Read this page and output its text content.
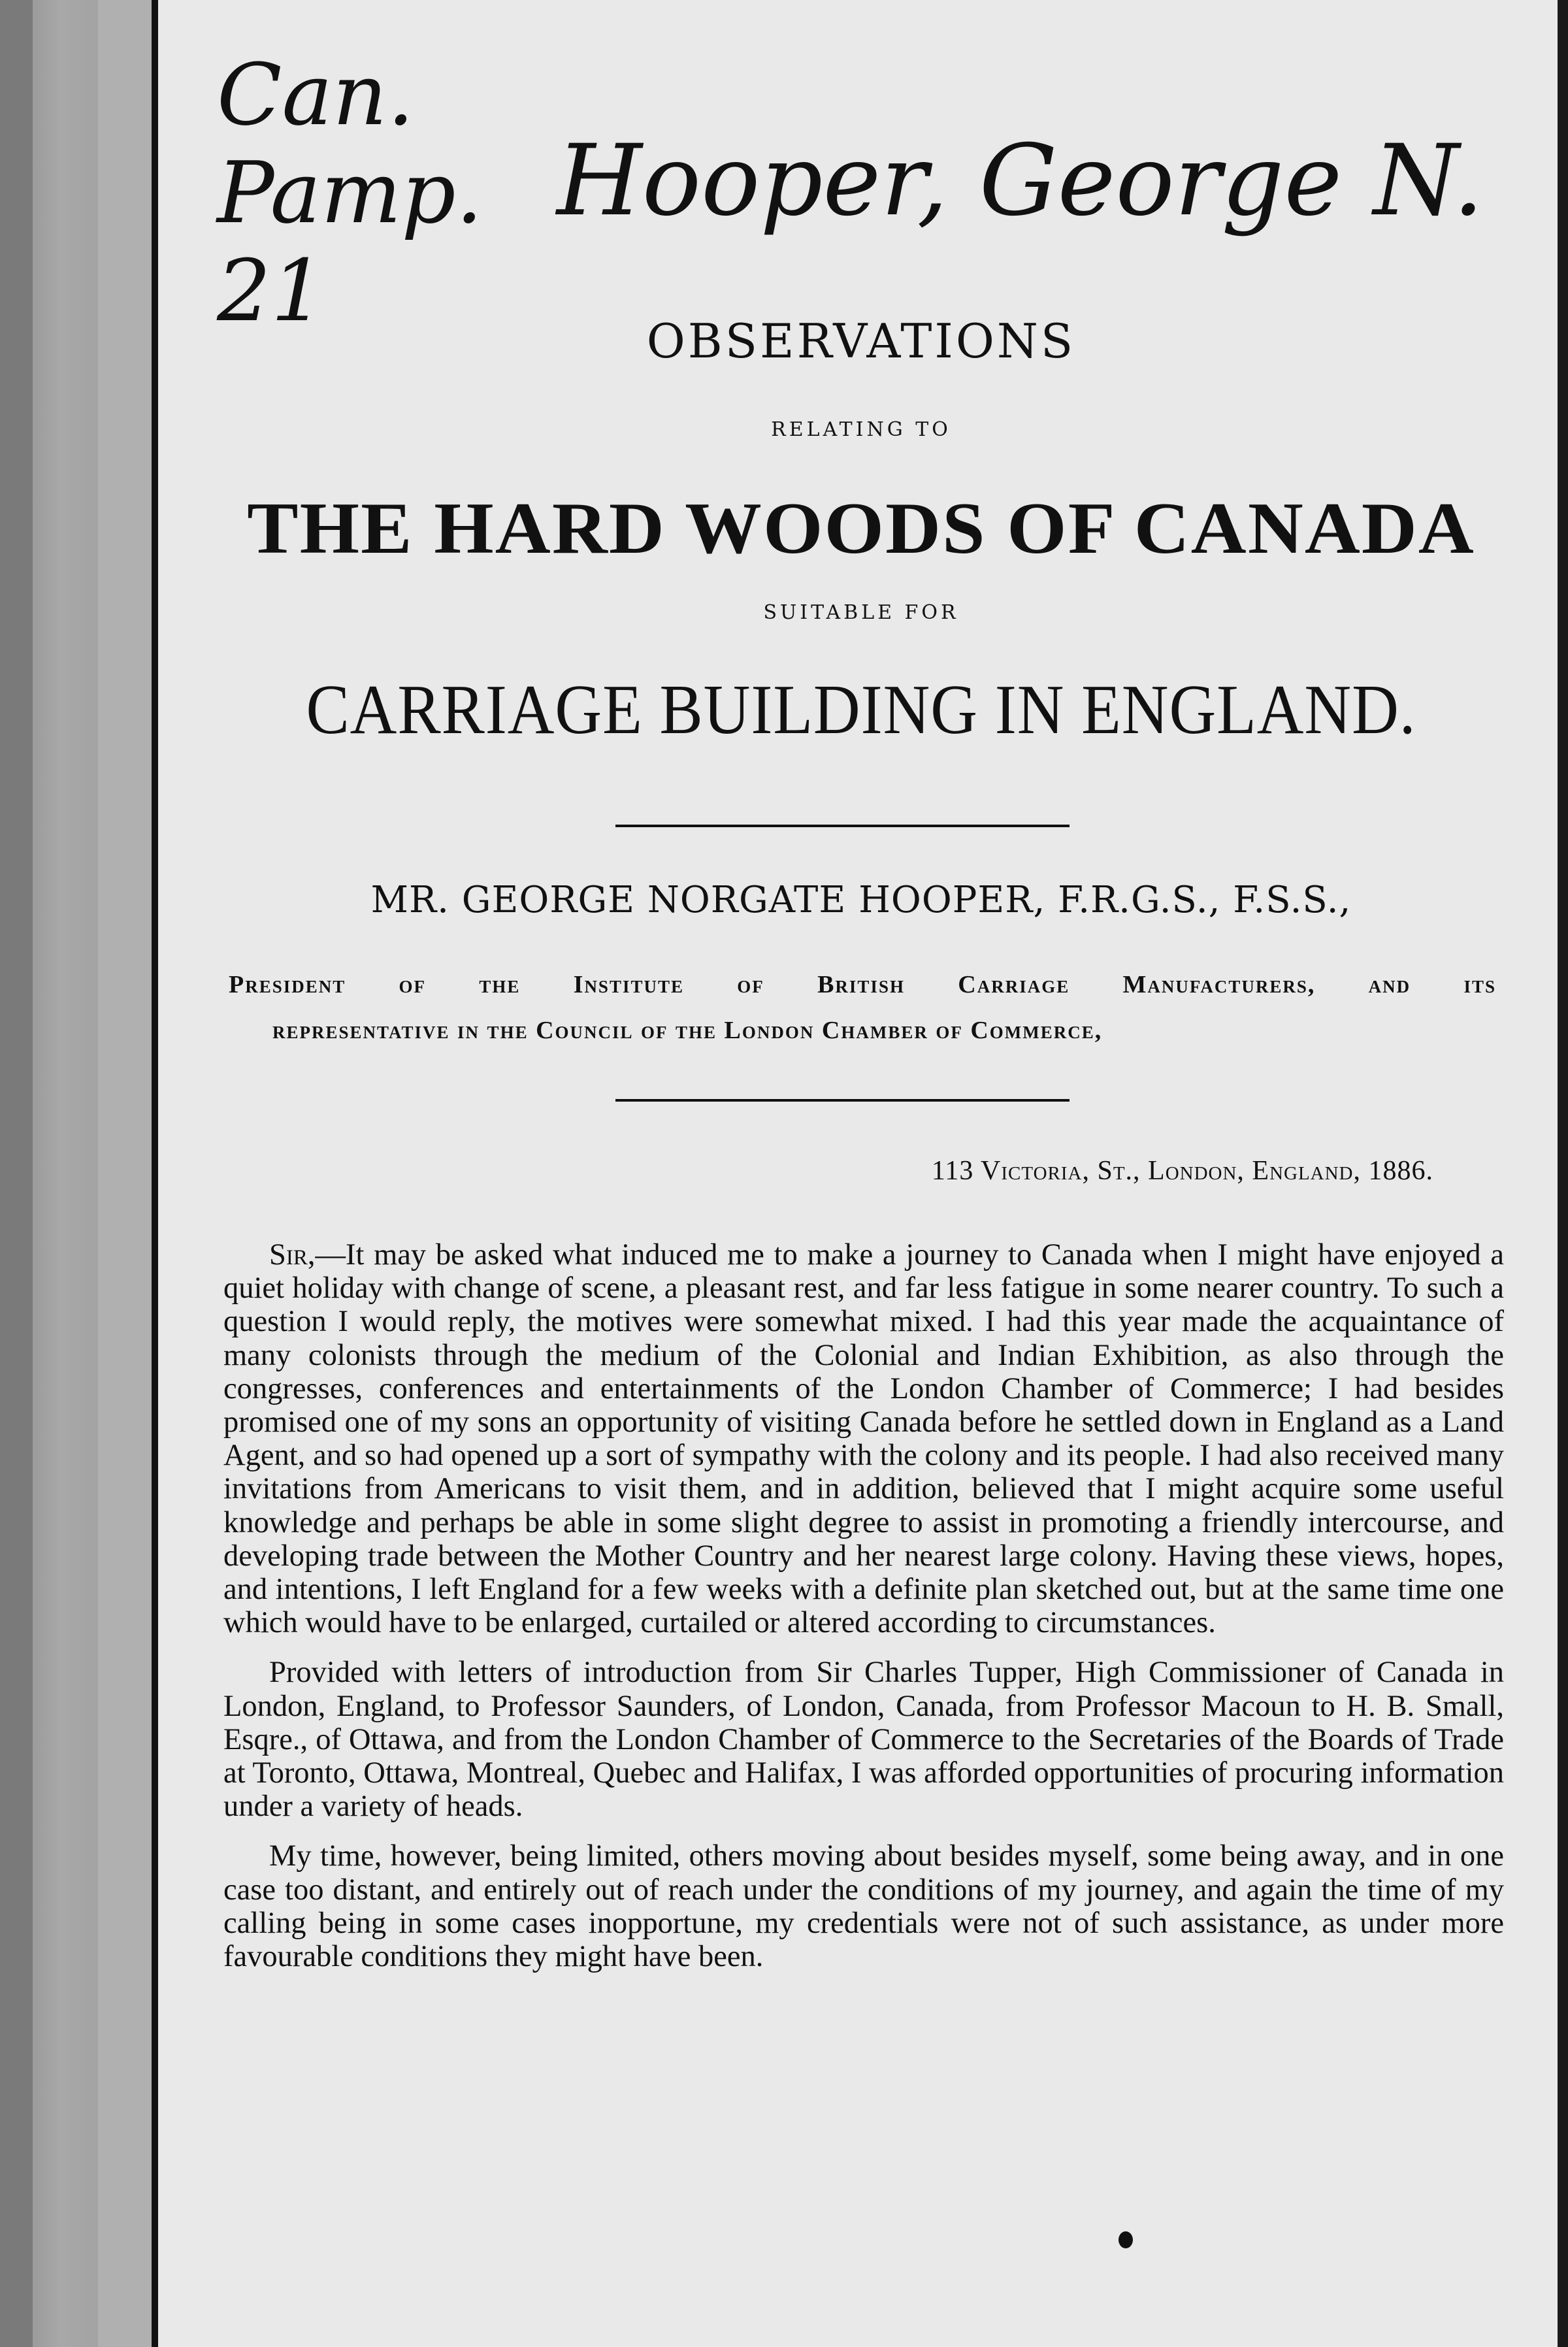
Can.
Pamp.
21
Hooper, George N.
OBSERVATIONS
RELATING TO
THE HARD WOODS OF CANADA
SUITABLE FOR
CARRIAGE BUILDING IN ENGLAND.
MR. GEORGE NORGATE HOOPER, F.R.G.S., F.S.S.,
President of the Institute of British Carriage Manufacturers, and its
representative in the Council of the London Chamber of Commerce,
113 Victoria, St., London, England, 1886.

Sir,—It may be asked what induced me to make a journey to Canada when I might have enjoyed a quiet holiday with change of scene, a pleasant rest, and far less fatigue in some nearer country. To such a question I would reply, the motives were somewhat mixed. I had this year made the acquaintance of many colonists through the medium of the Colonial and Indian Exhibition, as also through the congresses, conferences and entertainments of the London Chamber of Commerce; I had besides promised one of my sons an opportunity of visiting Canada before he settled down in England as a Land Agent, and so had opened up a sort of sympathy with the colony and its people. I had also received many invitations from Americans to visit them, and in addition, believed that I might acquire some useful knowledge and perhaps be able in some slight degree to assist in promoting a friendly intercourse, and developing trade between the Mother Country and her nearest large colony. Having these views, hopes, and intentions, I left England for a few weeks with a definite plan sketched out, but at the same time one which would have to be enlarged, curtailed or altered according to circumstances.

Provided with letters of introduction from Sir Charles Tupper, High Commissioner of Canada in London, England, to Professor Saunders, of London, Canada, from Professor Macoun to H. B. Small, Esqre., of Ottawa, and from the London Chamber of Commerce to the Secretaries of the Boards of Trade at Toronto, Ottawa, Montreal, Quebec and Halifax, I was afforded opportunities of procuring information under a variety of heads.

My time, however, being limited, others moving about besides myself, some being away, and in one case too distant, and entirely out of reach under the conditions of my journey, and again the time of my calling being in some cases inopportune, my credentials were not of such assistance, as under more favourable conditions they might have been.
